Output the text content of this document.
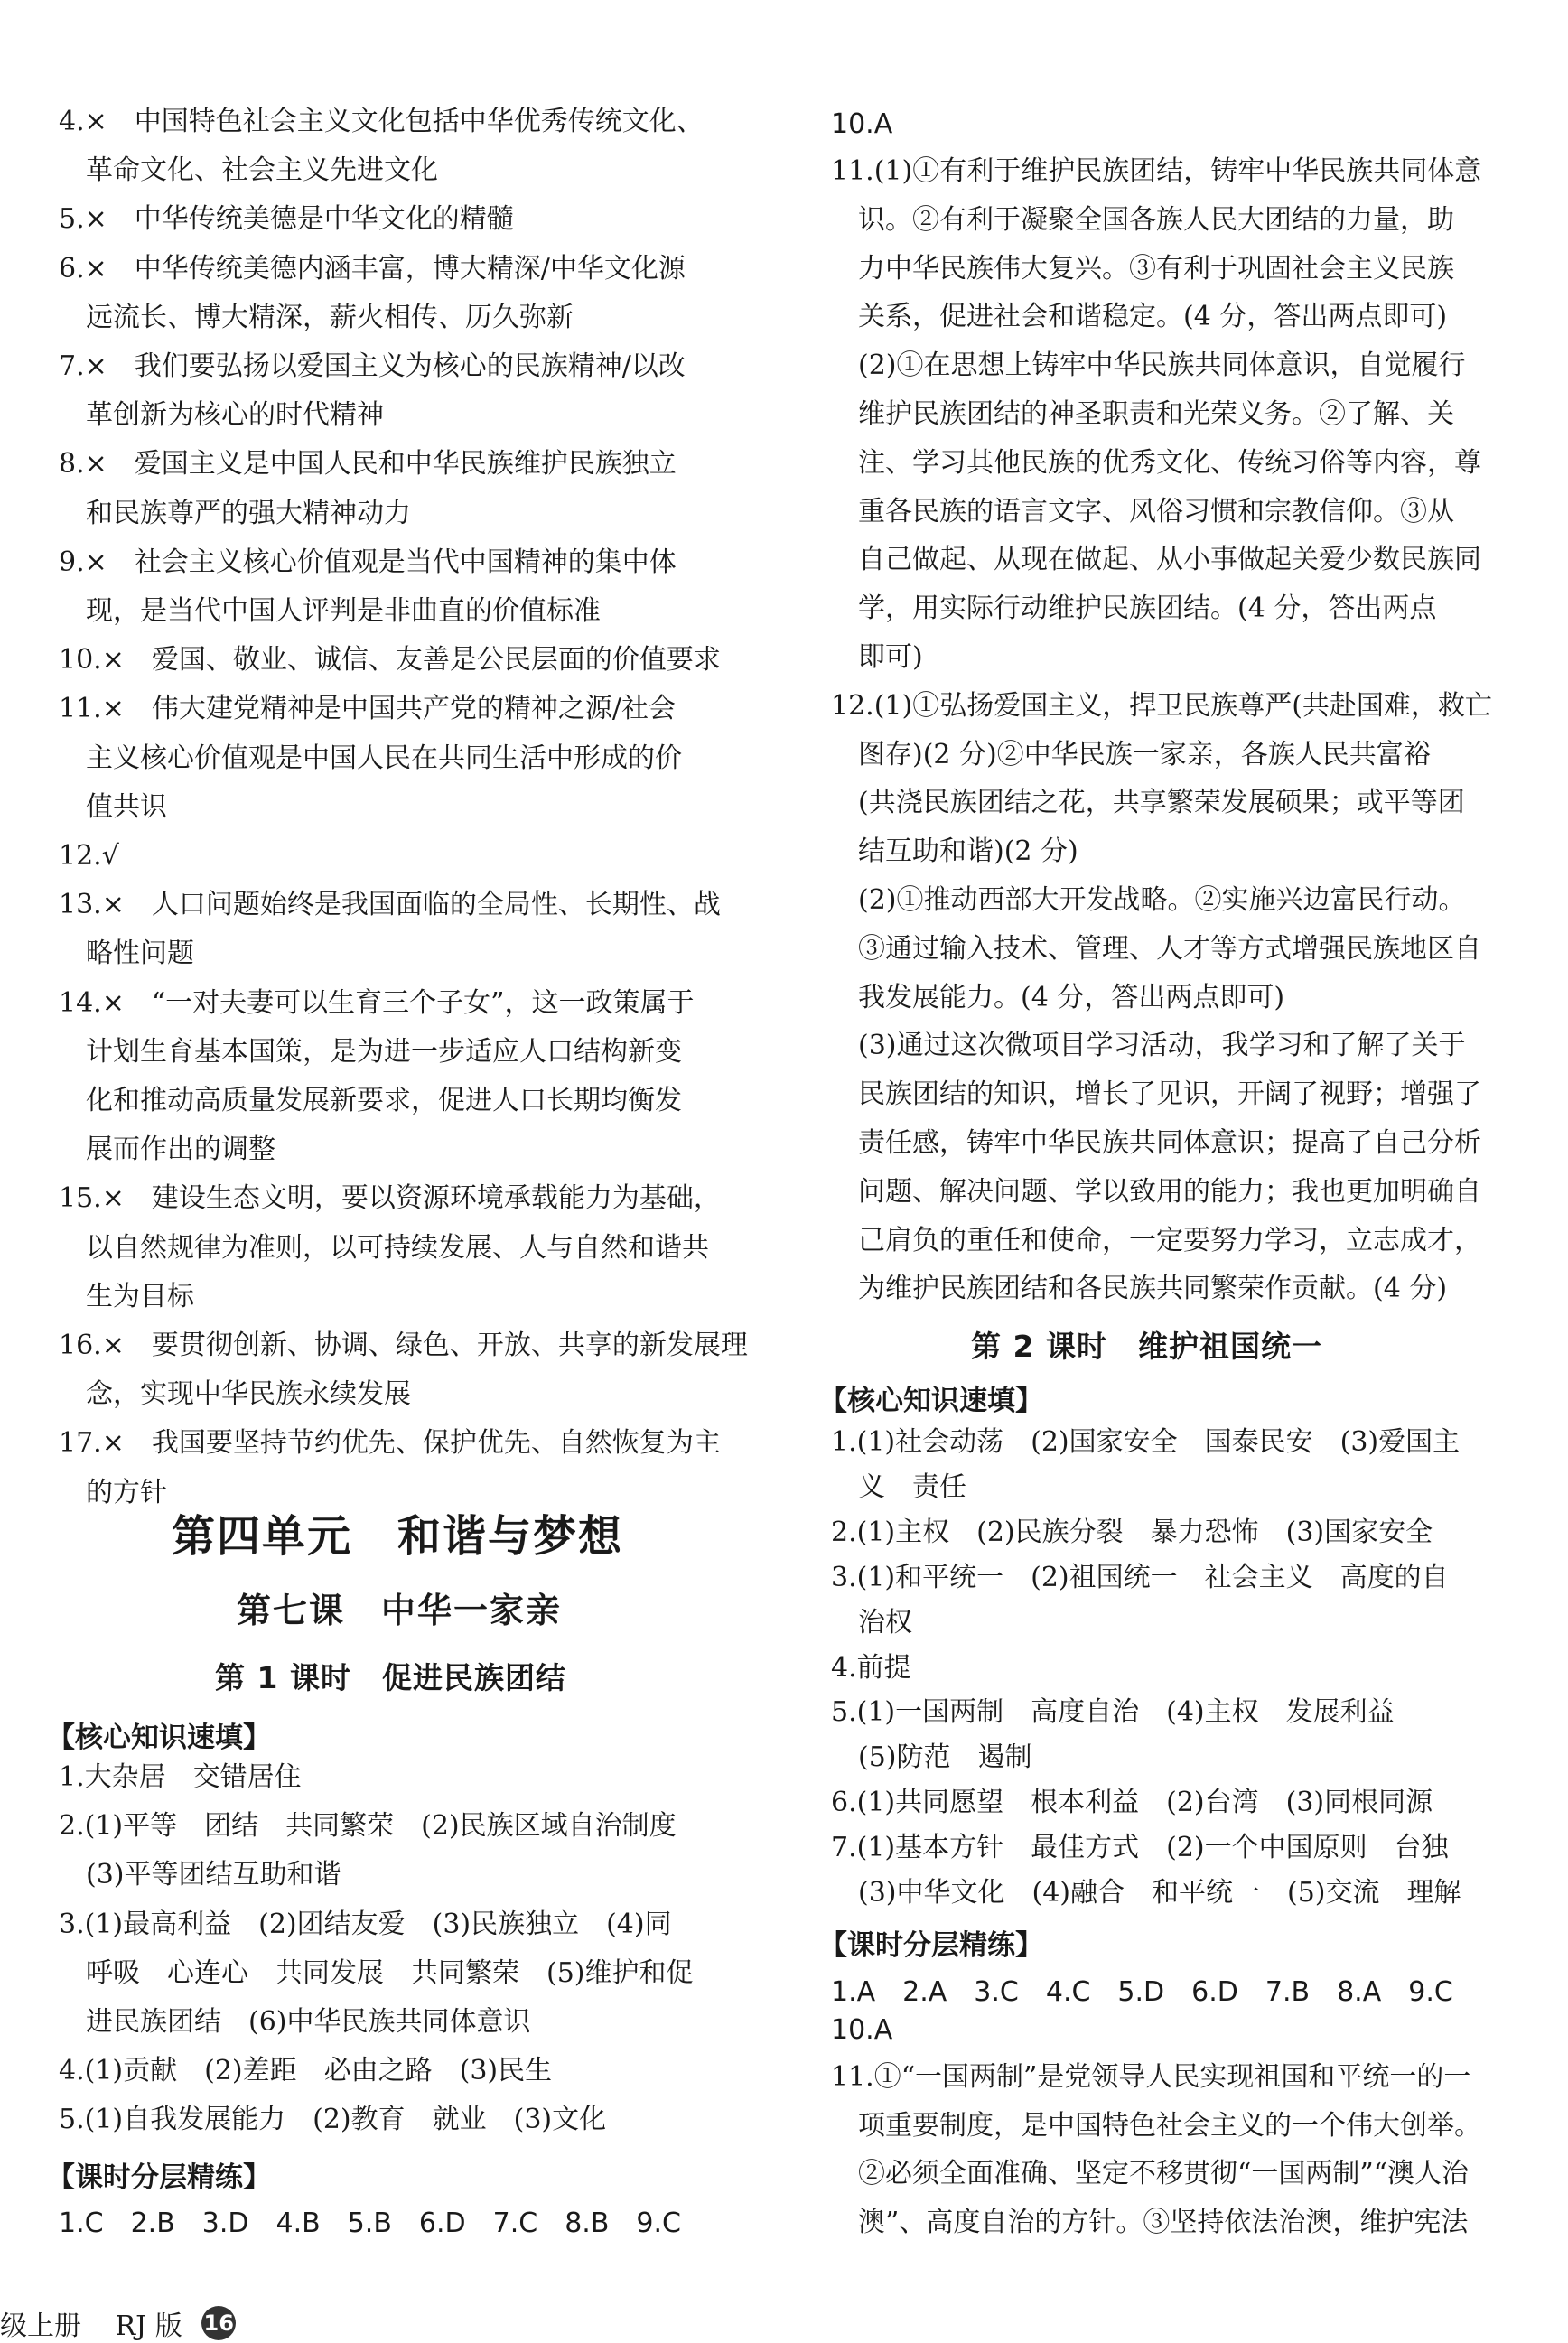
4.×　中国特色社会主义文化包括中华优秀传统文化、
　革命文化、社会主义先进文化
5.×　中华传统美德是中华文化的精髓
6.×　中华传统美德内涵丰富，博大精深/中华文化源
　远流长、博大精深，薪火相传、历久弥新
7.×　我们要弘扬以爱国主义为核心的民族精神/以改
　革创新为核心的时代精神
8.×　爱国主义是中国人民和中华民族维护民族独立
　和民族尊严的强大精神动力
9.×　社会主义核心价值观是当代中国精神的集中体
　现，是当代中国人评判是非曲直的价值标准
10.×　爱国、敬业、诚信、友善是公民层面的价值要求
11.×　伟大建党精神是中国共产党的精神之源/社会
　主义核心价值观是中国人民在共同生活中形成的价
　值共识
12.√
13.×　人口问题始终是我国面临的全局性、长期性、战
　略性问题
14.×　“一对夫妻可以生育三个子女”，这一政策属于
　计划生育基本国策，是为进一步适应人口结构新变
　化和推动高质量发展新要求，促进人口长期均衡发
　展而作出的调整
15.×　建设生态文明，要以资源环境承载能力为基础，
　以自然规律为准则，以可持续发展、人与自然和谐共
　生为目标
16.×　要贯彻创新、协调、绿色、开放、共享的新发展理
　念，实现中华民族永续发展
17.×　我国要坚持节约优先、保护优先、自然恢复为主
　的方针
第四单元　和谐与梦想
第七课　中华一家亲
第 1 课时　促进民族团结
【核心知识速填】
1.大杂居　交错居住
2.(1)平等　团结　共同繁荣　(2)民族区域自治制度
　(3)平等团结互助和谐
3.(1)最高利益　(2)团结友爱　(3)民族独立　(4)同
　呼吸　心连心　共同发展　共同繁荣　(5)维护和促
　进民族团结　(6)中华民族共同体意识
4.(1)贡献　(2)差距　必由之路　(3)民生
5.(1)自我发展能力　(2)教育　就业　(3)文化
【课时分层精练】
1.C　2.B　3.D　4.B　5.B　6.D　7.C　8.B　9.C
10.A
11.(1)①有利于维护民族团结，铸牢中华民族共同体意
　识。②有利于凝聚全国各族人民大团结的力量，助
　力中华民族伟大复兴。③有利于巩固社会主义民族
　关系，促进社会和谐稳定。(4 分，答出两点即可)
　(2)①在思想上铸牢中华民族共同体意识，自觉履行
　维护民族团结的神圣职责和光荣义务。②了解、关
　注、学习其他民族的优秀文化、传统习俗等内容，尊
　重各民族的语言文字、风俗习惯和宗教信仰。③从
　自己做起、从现在做起、从小事做起关爱少数民族同
　学，用实际行动维护民族团结。(4 分，答出两点
　即可)
12.(1)①弘扬爱国主义，捍卫民族尊严(共赴国难，救亡
　图存)(2 分)②中华民族一家亲，各族人民共富裕
　(共浇民族团结之花，共享繁荣发展硕果；或平等团
　结互助和谐)(2 分)
　(2)①推动西部大开发战略。②实施兴边富民行动。
　③通过输入技术、管理、人才等方式增强民族地区自
　我发展能力。(4 分，答出两点即可)
　(3)通过这次微项目学习活动，我学习和了解了关于
　民族团结的知识，增长了见识，开阔了视野；增强了
　责任感，铸牢中华民族共同体意识；提高了自己分析
　问题、解决问题、学以致用的能力；我也更加明确自
　己肩负的重任和使命，一定要努力学习，立志成才，
　为维护民族团结和各民族共同繁荣作贡献。(4 分)
第 2 课时　维护祖国统一
【核心知识速填】
1.(1)社会动荡　(2)国家安全　国泰民安　(3)爱国主
　义　责任
2.(1)主权　(2)民族分裂　暴力恐怖　(3)国家安全
3.(1)和平统一　(2)祖国统一　社会主义　高度的自
　治权
4.前提
5.(1)一国两制　高度自治　(4)主权　发展利益
　(5)防范　遏制
6.(1)共同愿望　根本利益　(2)台湾　(3)同根同源
7.(1)基本方针　最佳方式　(2)一个中国原则　台独
　(3)中华文化　(4)融合　和平统一　(5)交流　理解
【课时分层精练】
1.A　2.A　3.C　4.C　5.D　6.D　7.B　8.A　9.C
10.A
11.①“一国两制”是党领导人民实现祖国和平统一的一
　项重要制度，是中国特色社会主义的一个伟大创举。
　②必须全面准确、坚定不移贯彻“一国两制”“澳人治
　澳”、高度自治的方针。③坚持依法治澳，维护宪法
级上册 RJ 版 16
